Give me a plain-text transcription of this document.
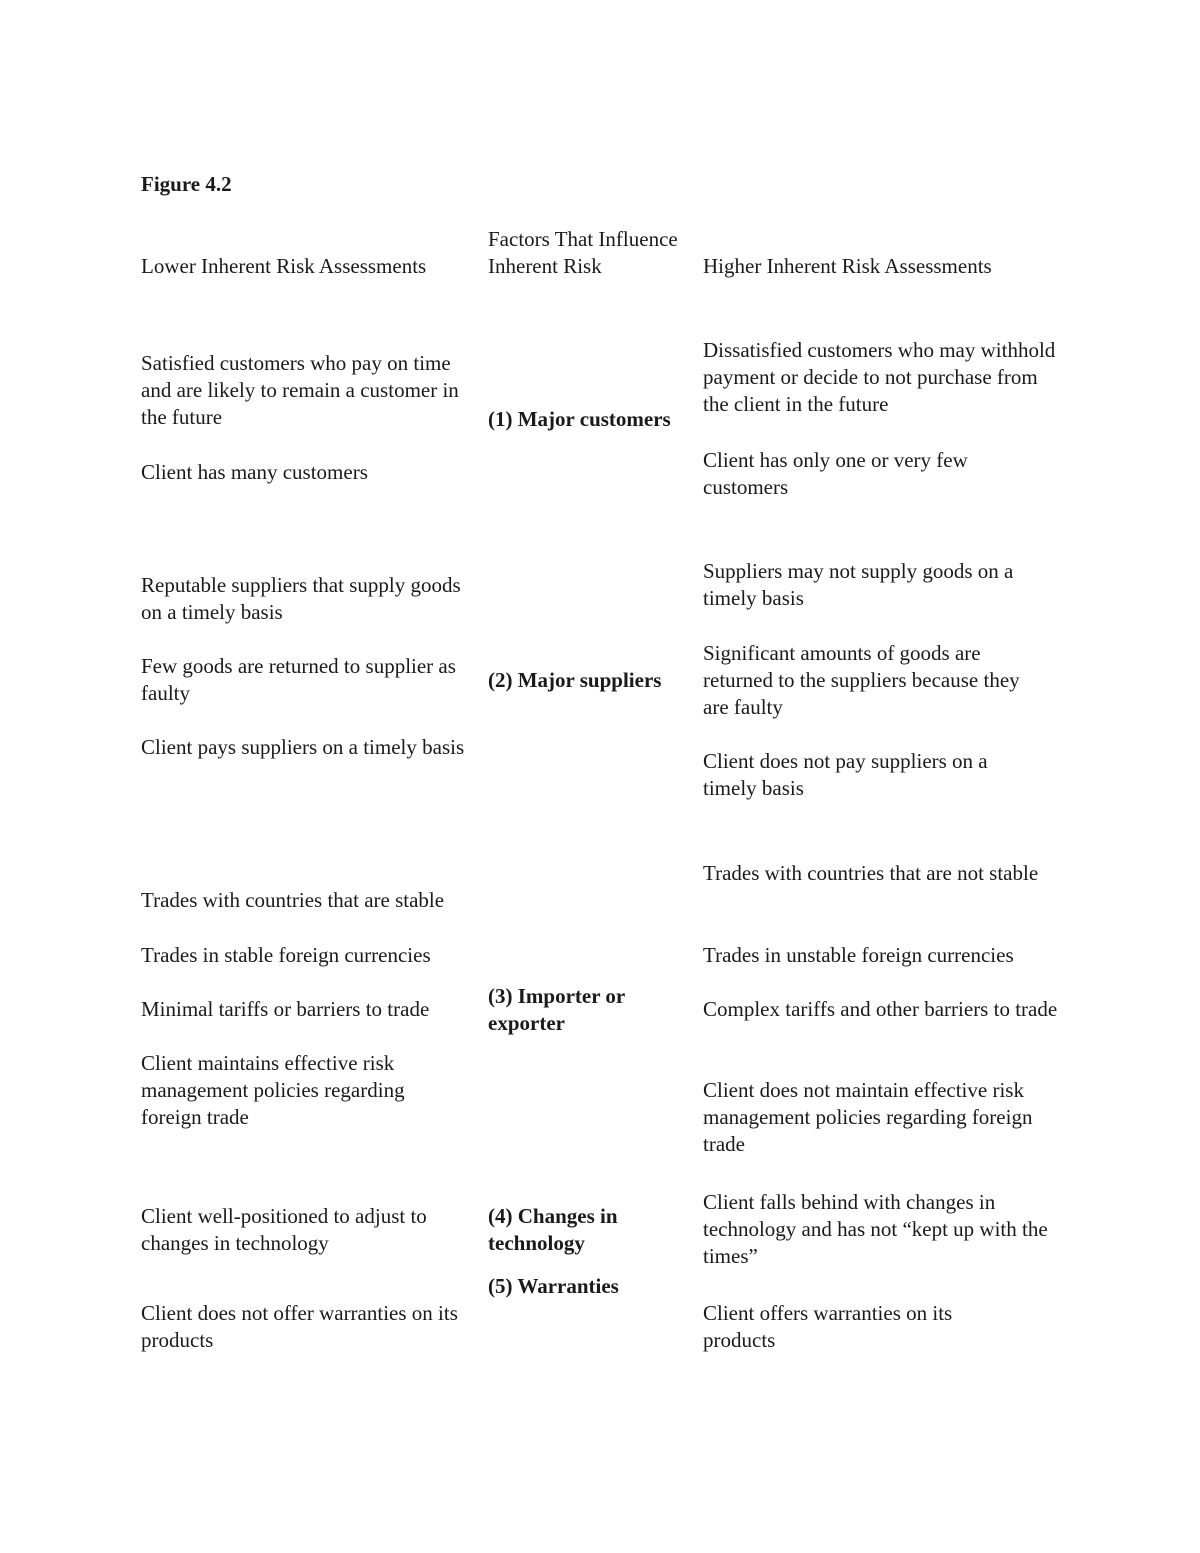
Figure 4.2

Lower Inherent Risk Assessments

Factors That Influence Inherent Risk	Higher Inherent Risk Assessments

Satisfied customers who pay on time and are likely to remain a customer in the future

Client has many customers

(1) Major customers

Dissatisfied customers who may withhold payment or decide to not purchase from the client in the future

Client has only one or very few customers

Reputable suppliers that supply goods on a timely basis

Few goods are returned to supplier as faulty

Client pays suppliers on a timely basis

(2) Major suppliers

Suppliers may not supply goods on a timely basis

Significant amounts of goods are returned to the suppliers because they are faulty

Client does not pay suppliers on a timely basis

Trades with countries that are stable

Trades in stable foreign currencies

Minimal tariffs or barriers to trade

Client maintains effective risk management policies regarding foreign trade

(3) Importer or exporter

Trades with countries that are not stable

Trades in unstable foreign currencies

Complex tariffs and other barriers to trade

Client does not maintain effective risk management policies regarding foreign trade

Client well-positioned to adjust to changes in technology

(4) Changes in technology

Client falls behind with changes in technology and has not “kept up with the times”

(5) Warranties

Client does not offer warranties on its products

Client offers warranties on its products
